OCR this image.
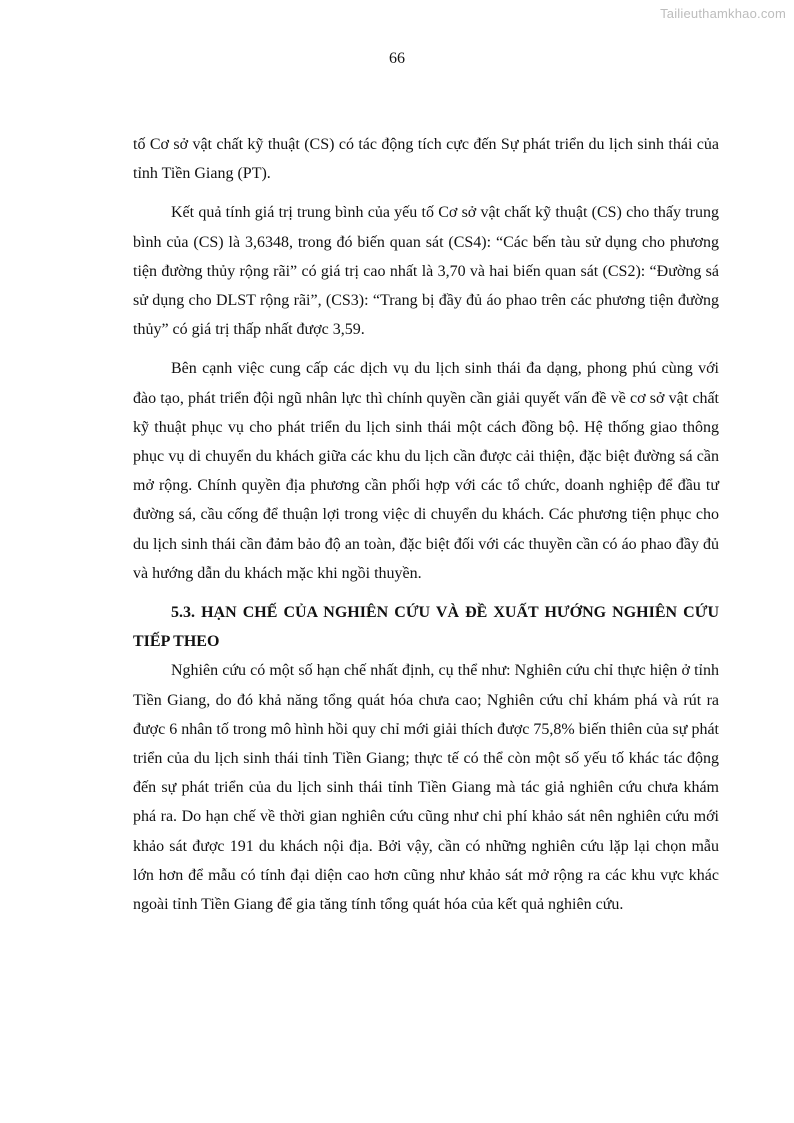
Tailieuthamkhao.com
66

tố Cơ sở vật chất kỹ thuật (CS) có tác động tích cực đến Sự phát triển du lịch sinh thái của tỉnh Tiền Giang (PT).

Kết quả tính giá trị trung bình của yếu tố Cơ sở vật chất kỹ thuật (CS) cho thấy trung bình của (CS) là 3,6348, trong đó biến quan sát (CS4): “Các bến tàu sử dụng cho phương tiện đường thủy rộng rãi” có giá trị cao nhất là 3,70 và hai biến quan sát (CS2): “Đường sá sử dụng cho DLST rộng rãi”, (CS3): “Trang bị đầy đủ áo phao trên các phương tiện đường thủy” có giá trị thấp nhất được 3,59.

Bên cạnh việc cung cấp các dịch vụ du lịch sinh thái đa dạng, phong phú cùng với đào tạo, phát triển đội ngũ nhân lực thì chính quyền cần giải quyết vấn đề về cơ sở vật chất kỹ thuật phục vụ cho phát triển du lịch sinh thái một cách đồng bộ. Hệ thống giao thông phục vụ di chuyển du khách giữa các khu du lịch cần được cải thiện, đặc biệt đường sá cần mở rộng. Chính quyền địa phương cần phối hợp với các tổ chức, doanh nghiệp để đầu tư đường sá, cầu cống để thuận lợi trong việc di chuyển du khách. Các phương tiện phục cho du lịch sinh thái cần đảm bảo độ an toàn, đặc biệt đối với các thuyền cần có áo phao đầy đủ và hướng dẫn du khách mặc khi ngồi thuyền.

5.3. HẠN CHẾ CỦA NGHIÊN CỨU VÀ ĐỀ XUẤT HƯỚNG NGHIÊN CỨU TIẾP THEO

Nghiên cứu có một số hạn chế nhất định, cụ thể như: Nghiên cứu chỉ thực hiện ở tỉnh Tiền Giang, do đó khả năng tổng quát hóa chưa cao; Nghiên cứu chỉ khám phá và rút ra được 6 nhân tố trong mô hình hồi quy chỉ mới giải thích được 75,8% biến thiên của sự phát triển của du lịch sinh thái tỉnh Tiền Giang; thực tế có thể còn một số yếu tố khác tác động đến sự phát triển của du lịch sinh thái tỉnh Tiền Giang mà tác giả nghiên cứu chưa khám phá ra. Do hạn chế về thời gian nghiên cứu cũng như chi phí khảo sát nên nghiên cứu mới khảo sát được 191 du khách nội địa. Bởi vậy, cần có những nghiên cứu lặp lại chọn mẫu lớn hơn để mẫu có tính đại diện cao hơn cũng như khảo sát mở rộng ra các khu vực khác ngoài tỉnh Tiền Giang để gia tăng tính tổng quát hóa của kết quả nghiên cứu.
